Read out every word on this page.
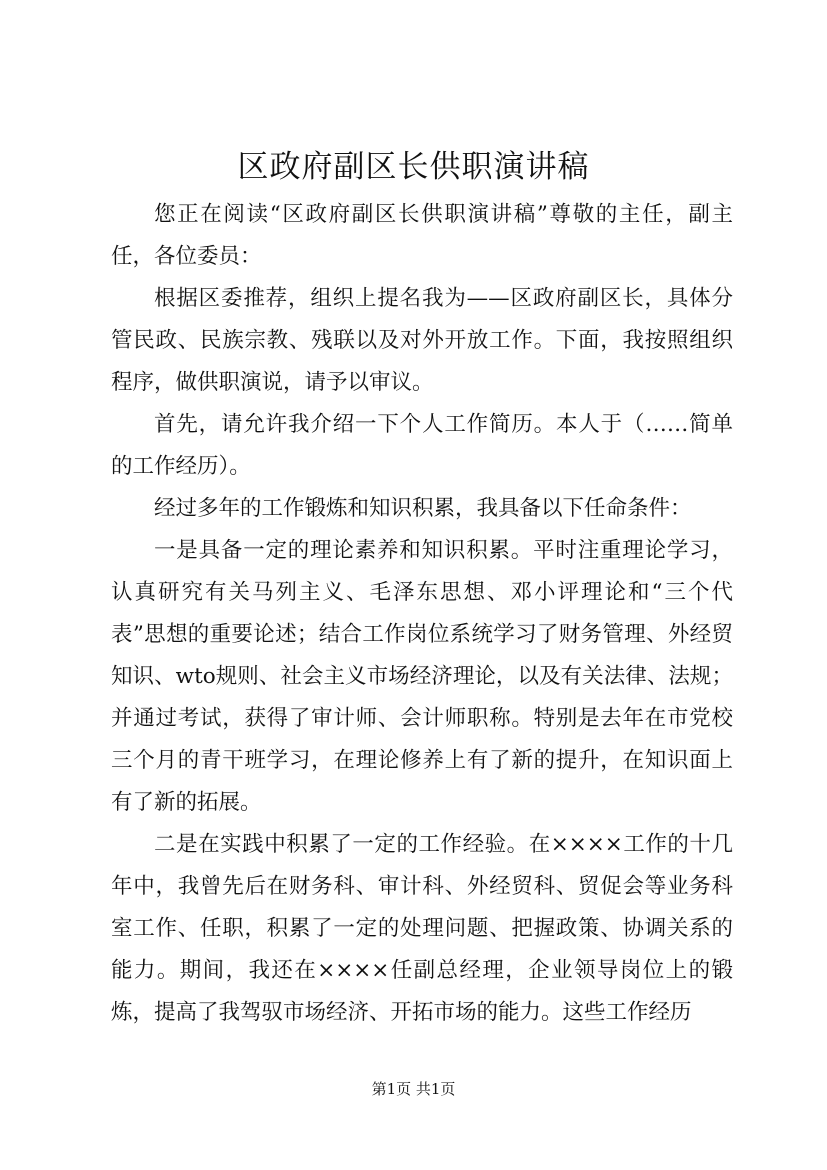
区政府副区长供职演讲稿

您正在阅读“区政府副区长供职演讲稿”尊敬的主任，副主任，各位委员：

根据区委推荐，组织上提名我为——区政府副区长，具体分管民政、民族宗教、残联以及对外开放工作。下面，我按照组织程序，做供职演说，请予以审议。

首先，请允许我介绍一下个人工作简历。本人于（……简单的工作经历）。

经过多年的工作锻炼和知识积累，我具备以下任命条件：

一是具备一定的理论素养和知识积累。平时注重理论学习，认真研究有关马列主义、毛泽东思想、邓小评理论和“三个代表”思想的重要论述；结合工作岗位系统学习了财务管理、外经贸知识、wto规则、社会主义市场经济理论，以及有关法律、法规；并通过考试，获得了审计师、会计师职称。特别是去年在市党校三个月的青干班学习，在理论修养上有了新的提升，在知识面上有了新的拓展。

二是在实践中积累了一定的工作经验。在××××工作的十几年中，我曾先后在财务科、审计科、外经贸科、贸促会等业务科室工作、任职，积累了一定的处理问题、把握政策、协调关系的能力。期间，我还在××××任副总经理，企业领导岗位上的锻炼，提高了我驾驭市场经济、开拓市场的能力。这些工作经历

第1页 共1页
